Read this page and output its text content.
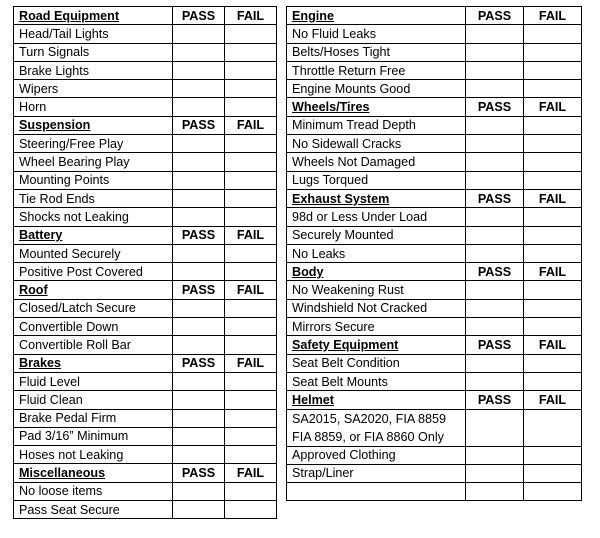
Road Equipment	PASS	FAIL
Head/Tail Lights		
Turn Signals		
Brake Lights		
Wipers		
Horn		
Suspension	PASS	FAIL
Steering/Free Play		
Wheel Bearing Play		
Mounting Points		
Tie Rod Ends		
Shocks not Leaking		
Battery	PASS	FAIL
Mounted Securely		
Positive Post Covered		
Roof	PASS	FAIL
Closed/Latch Secure		
Convertible Down		
Convertible Roll Bar		
Brakes	PASS	FAIL
Fluid Level		
Fluid Clean		
Brake Pedal Firm		
Pad 3/16” Minimum		
Hoses not Leaking		
Miscellaneous	PASS	FAIL
No loose items		
Pass Seat Secure		
Engine	PASS	FAIL
No Fluid Leaks		
Belts/Hoses Tight		
Throttle Return Free		
Engine Mounts Good		
Wheels/Tires	PASS	FAIL
Minimum Tread Depth		
No Sidewall Cracks		
Wheels Not Damaged		
Lugs Torqued		
Exhaust System	PASS	FAIL
98d or Less Under Load		
Securely Mounted		
No Leaks		
Body	PASS	FAIL
No Weakening Rust		
Windshield Not Cracked		
Mirrors Secure		
Safety Equipment	PASS	FAIL
Seat Belt Condition		
Seat Belt Mounts		
Helmet	PASS	FAIL
SA2015, SA2020, FIA 8859
FIA 8859, or FIA 8860 Only		
Approved Clothing		
Strap/Liner		
